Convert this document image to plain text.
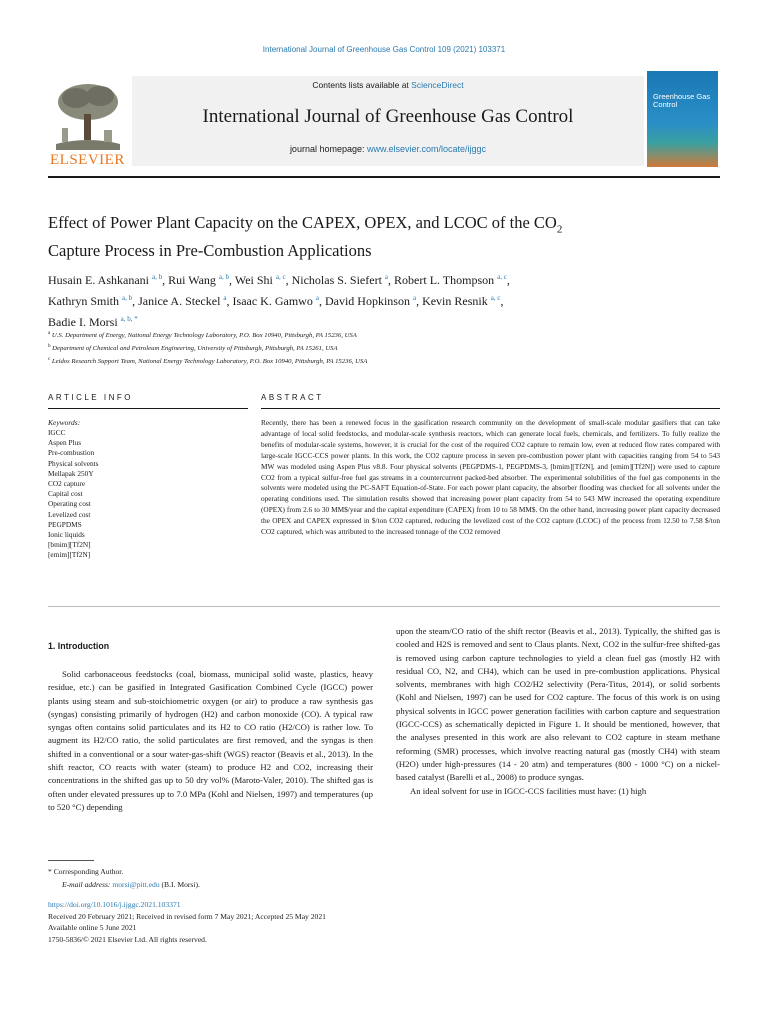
International Journal of Greenhouse Gas Control 109 (2021) 103371
ELSEVIER
Contents lists available at ScienceDirect
International Journal of Greenhouse Gas Control
journal homepage: www.elsevier.com/locate/ijggc
Greenhouse Gas Control
Effect of Power Plant Capacity on the CAPEX, OPEX, and LCOC of the $CO_2$
Capture Process in Pre-Combustion Applications
Husain E. Ashkanani $^{a, b}$, Rui Wang $^{a, b}$, Wei Shi $^{a, c}$, Nicholas S. Siefert $^a$, Robert L. Thompson $^{a, c}$,
Kathryn Smith $^{a, b}$, Janice A. Steckel $^a$, Isaac K. Gamwo $^a$, David Hopkinson $^a$, Kevin Resnik $^{a, c}$,
Badie I. Morsi $^{a, b, *}$
$^a$ U.S. Department of Energy, National Energy Technology Laboratory, P.O. Box 10940, Pittsburgh, PA 15236, USA
$^b$ Department of Chemical and Petroleum Engineering, University of Pittsburgh, Pittsburgh, PA 15261, USA
$^c$ Leidos Research Support Team, National Energy Technology Laboratory, P.O. Box 10940, Pittsburgh, PA 15236, USA
ARTICLE INFO	ABSTRACT
Keywords:
IGCC
Aspen Plus
Pre-combustion
Physical solvents
Mellapak 250Y
CO2 capture
Capital cost
Operating cost
Levelized cost
PEGPDMS
Ionic liquids
[bmim][Tf2N]
[emim][Tf2N]
Recently, there has been a renewed focus in the gasification research community on the development of small-scale modular gasifiers that can take advantage of local solid feedstocks, and modular-scale synthesis reactors, which can generate local fuels, chemicals, and fertilizers. To fully realize the benefits of modular-scale systems, however, it is crucial for the cost of the required CO2 capture to remain low, even at reduced flow rates compared with large-scale IGCC-CCS power plants. In this work, the CO2 capture process in seven pre-combustion power plant with capacities ranging from 54 to 543 MW was modeled using Aspen Plus v8.8. Four physical solvents (PEGPDMS-1, PEGPDMS-3, [bmim][Tf2N], and [emim][Tf2N]) were used to capture CO2 from a typical sulfur-free fuel gas streams in a countercurrent packed-bed absorber. The experimental solubilities of the fuel gas components in the solvents were modeled using the PC-SAFT Equation-of-State. For each power plant capacity, the absorber flooding was checked for all solvents under the operating conditions used. The simulation results showed that increasing power plant capacity from 54 to 543 MW increased the operating expenditure (OPEX) from 2.6 to 30 MM$/year and the capital expenditure (CAPEX) from 10 to 58 MM$. On the other hand, increasing power plant capacity decreased the OPEX and CAPEX expressed in $/ton CO2 captured, reducing the levelized cost of the CO2 capture (LCOC) of the process from 12.50 to 7.58 $/ton CO2 captured, which was attributed to the increased tonnage of the CO2 removed
1. Introduction

Solid carbonaceous feedstocks (coal, biomass, municipal solid waste, plastics, heavy residue, etc.) can be gasified in Integrated Gasification Combined Cycle (IGCC) power plants using steam and sub-stoichiometric oxygen (or air) to produce a raw synthesis gas (syngas) consisting primarily of hydrogen (H2) and carbon monoxide (CO). A typical raw syngas often contains solid particulates and its H2 to CO ratio (H2/CO) is rather low. To augment its H2/CO ratio, the solid particulates are first removed, and the syngas is then shifted in a conventional or a sour water-gas-shift (WGS) reactor (Beavis et al., 2013). In the shift reactor, CO reacts with water (steam) to produce H2 and CO2, increasing their concentrations in the shifted gas up to 50 dry vol% (Maroto-Valer, 2010). The shifted gas is often under elevated pressures up to 7.0 MPa (Kohl and Nielsen, 1997) and temperatures (up to 520 °C) depending

upon the steam/CO ratio of the shift rector (Beavis et al., 2013). Typically, the shifted gas is cooled and H2S is removed and sent to Claus plants. Next, CO2 in the sulfur-free shifted-gas is removed using carbon capture technologies to yield a clean fuel gas (mostly H2 with residual CO, N2, and CH4), which can be used in pre-combustion applications. Physical solvents, membranes with high CO2/H2 selectivity (Pera-Titus, 2014), or solid sorbents (Kohl and Nielsen, 1997) can be used for CO2 capture. The focus of this work is on using physical solvents in IGCC power generation facilities with carbon capture and sequestration (IGCC-CCS) as schematically depicted in Figure 1. It should be mentioned, however, that the analyses presented in this work are also relevant to CO2 capture in steam methane reforming (SMR) processes, which involve reacting natural gas (mostly CH4) with steam (H2O) under high-pressures (14 - 20 atm) and temperatures (800 - 1000 °C) on a nickel-based catalyst (Barelli et al., 2008) to produce syngas.

An ideal solvent for use in IGCC-CCS facilities must have: (1) high

* Corresponding Author.
E-mail address: morsi@pitt.edu (B.I. Morsi).
https://doi.org/10.1016/j.ijggc.2021.103371
Received 20 February 2021; Received in revised form 7 May 2021; Accepted 25 May 2021
Available online 5 June 2021
1750-5836/© 2021 Elsevier Ltd. All rights reserved.
